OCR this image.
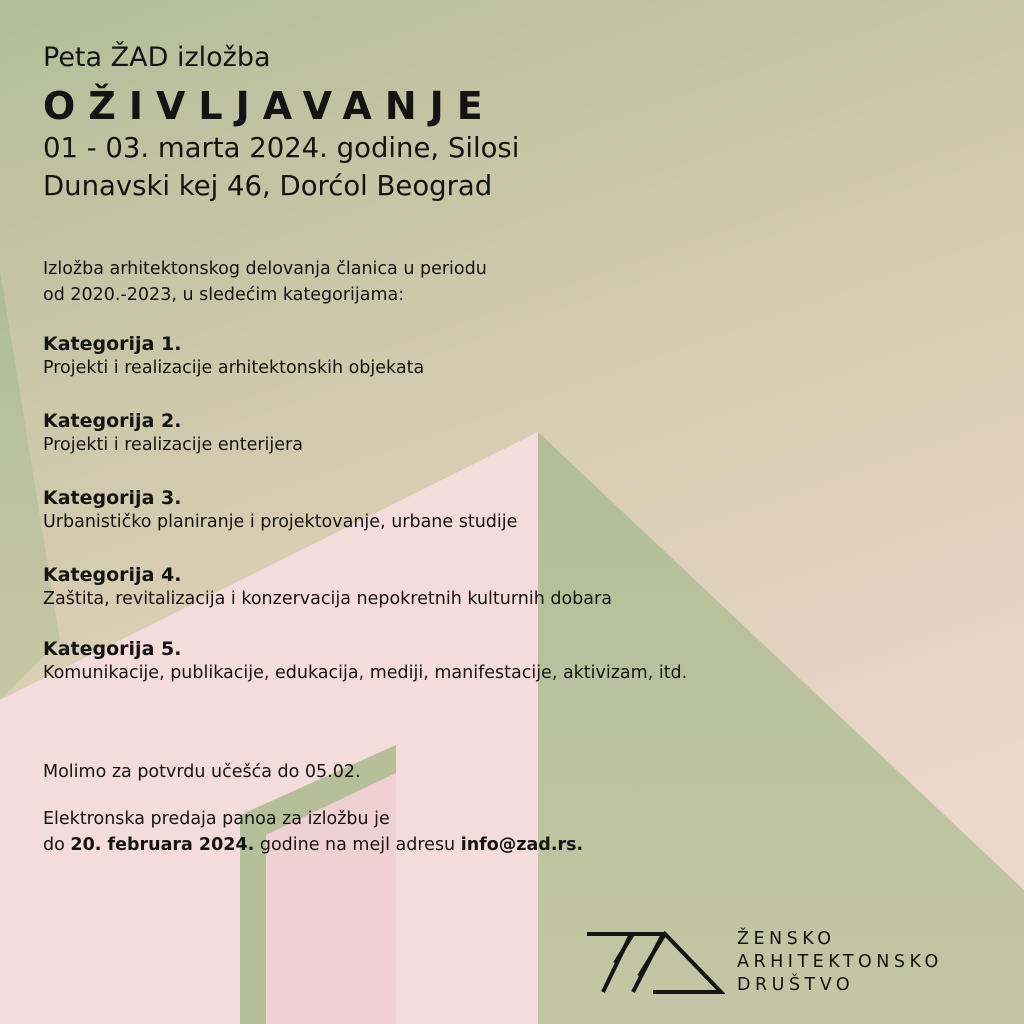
Peta ŽAD izložba
OŽIVLJAVANJE
01 - 03. marta 2024. godine, Silosi
Dunavski kej 46, Dorćol Beograd
Izložba arhitektonskog delovanja članica u periodu
od 2020.-2023, u sledećim kategorijama:
Kategorija 1.
Projekti i realizacije arhitektonskih objekata
Kategorija 2.
Projekti i realizacije enterijera
Kategorija 3.
Urbanističko planiranje i projektovanje, urbane studije
Kategorija 4.
Zaštita, revitalizacija i konzervacija nepokretnih kulturnih dobara
Kategorija 5.
Komunikacije, publikacije, edukacija, mediji, manifestacije, aktivizam, itd.
Molimo za potvrdu učešća do 05.02.
Elektronska predaja panoa za izložbu je
do 20. februara 2024. godine na mejl adresu info@zad.rs.
ŽENSKO
ARHITEKTONSKO
DRUŠTVO
